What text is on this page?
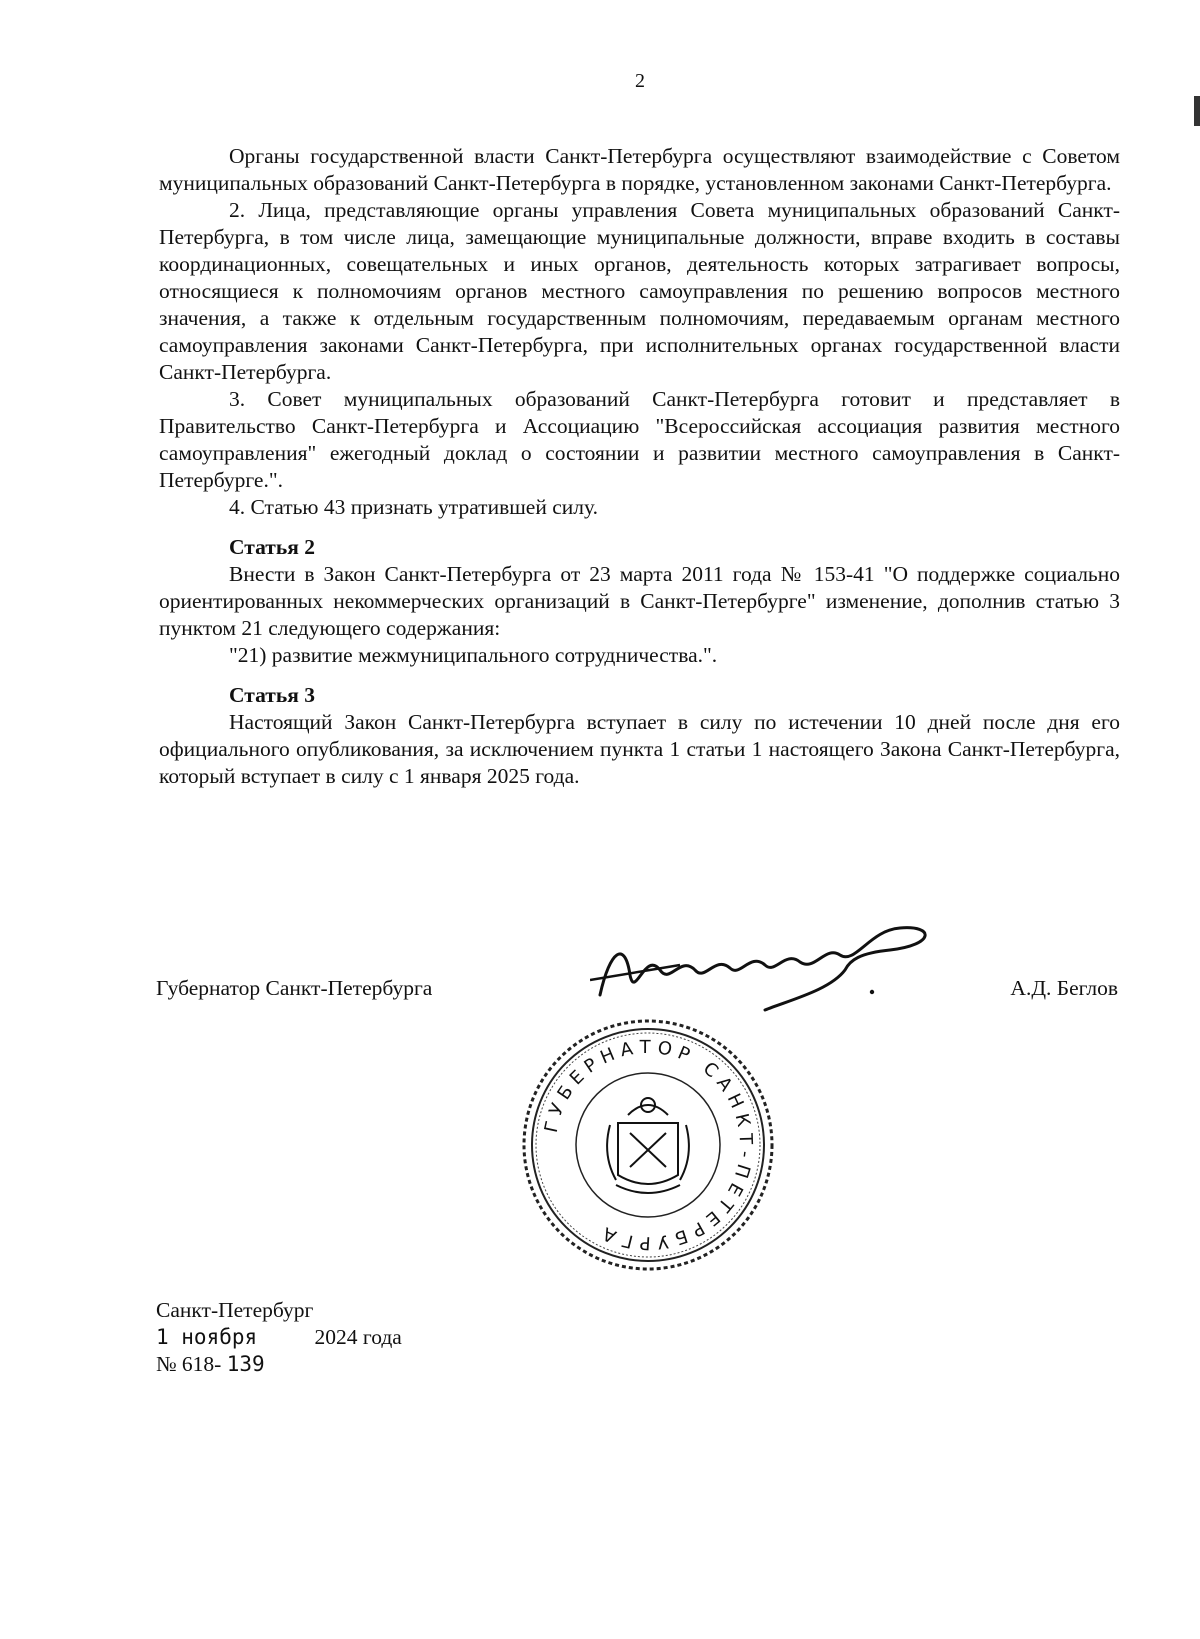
2

Органы государственной власти Санкт-Петербурга осуществляют взаимодействие с Советом муниципальных образований Санкт-Петербурга в порядке, установленном законами Санкт-Петербурга.

2. Лица, представляющие органы управления Совета муниципальных образований Санкт-Петербурга, в том числе лица, замещающие муниципальные должности, вправе входить в составы координационных, совещательных и иных органов, деятельность которых затрагивает вопросы, относящиеся к полномочиям органов местного самоуправления по решению вопросов местного значения, а также к отдельным государственным полномочиям, передаваемым органам местного самоуправления законами Санкт-Петербурга, при исполнительных органах государственной власти Санкт-Петербурга.

3. Совет муниципальных образований Санкт-Петербурга готовит и представляет в Правительство Санкт-Петербурга и Ассоциацию "Всероссийская ассоциация развития местного самоуправления" ежегодный доклад о состоянии и развитии местного самоуправления в Санкт-Петербурге.".

4. Статью 43 признать утратившей силу.

Статья 2

Внести в Закон Санкт-Петербурга от 23 марта 2011 года № 153-41 "О поддержке социально ориентированных некоммерческих организаций в Санкт-Петербурге" изменение, дополнив статью 3 пунктом 21 следующего содержания:

"21) развитие межмуниципального сотрудничества.".

Статья 3

Настоящий Закон Санкт-Петербурга вступает в силу по истечении 10 дней после дня его официального опубликования, за исключением пункта 1 статьи 1 настоящего Закона Санкт-Петербурга, который вступает в силу с 1 января 2025 года.

Губернатор Санкт-Петербурга	А.Д. Беглов
ГУБЕРНАТОР САНКТ-ПЕТЕРБУРГА
Санкт-Петербург
1 ноября	2024 года
№ 618- 139
